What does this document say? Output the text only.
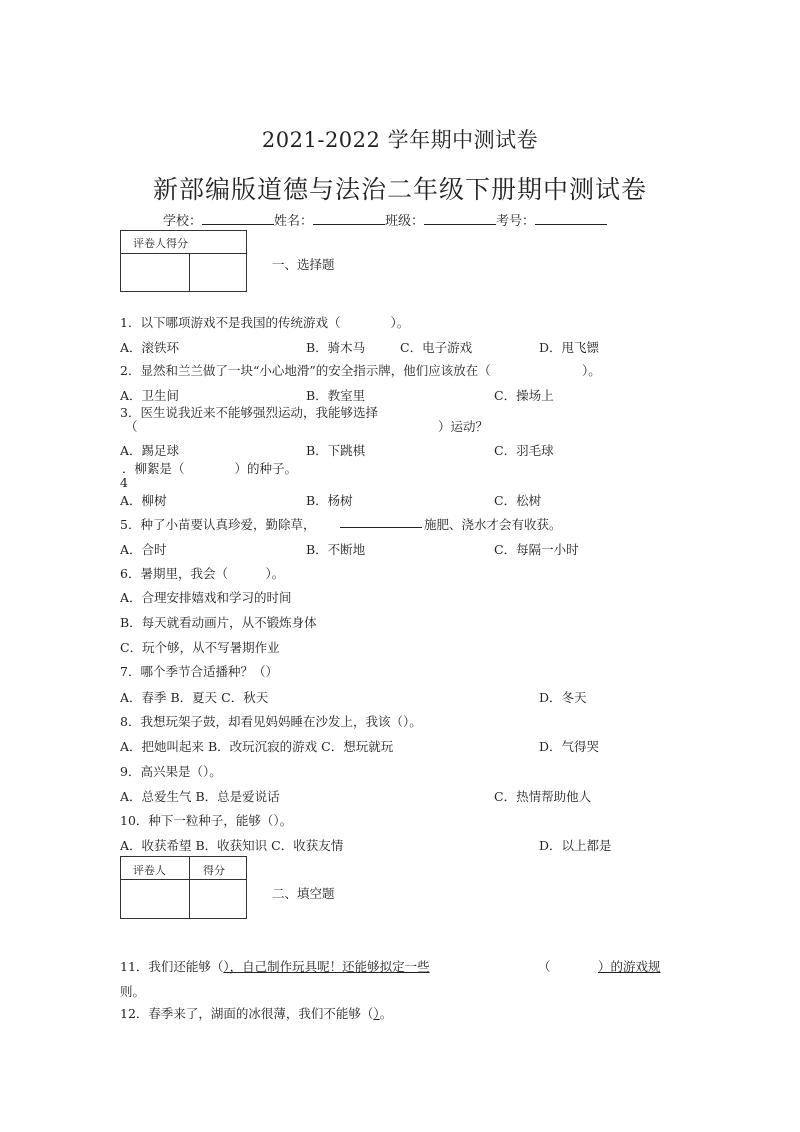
2021-2022 学年期中测试卷
新部编版道德与法治二年级下册期中测试卷
学校：	姓名：	班级：	考号：
评卷人得分
一、选择题
1．以下哪项游戏不是我国的传统游戏（　　　　）。
A．滚铁环	B．骑木马	C．电子游戏	D．甩飞镖
2．显然和兰兰做了一块“小心地滑”的安全指示牌，他们应该放在（	）。
A．卫生间	B．教室里	C．操场上
3．医生说我近来不能够强烈运动，我能够选择
（	）运动？
A．踢足球	B．下跳棋	C．羽毛球
．柳絮是（　　　　）的种子。
4
A．柳树	B．杨树	C．松树
5．种了小苗要认真珍爱，勤除草，	施肥、浇水才会有收获。
A．合时	B．不断地	C．每隔一小时
6．暑期里，我会（　　　）。
A．合理安排嬉戏和学习的时间
B．每天就看动画片，从不锻炼身体
C．玩个够，从不写暑期作业
7．哪个季节合适播种？（）
A．春季 B．夏天 C．秋天	D．冬天
8．我想玩架子鼓，却看见妈妈睡在沙发上，我该（）。
A．把她叫起来 B．改玩沉寂的游戏 C．想玩就玩	D．气得哭
9．高兴果是（）。
A．总爱生气 B．总是爱说话	C．热情帮助他人
10．种下一粒种子，能够（）。
A．收获希望 B．收获知识 C．收获友情	D．以上都是
评卷人	得分
二、填空题
11．我们还能够（），自己制作玩具呢！还能够拟定一些	（	）的游戏规
则。
12．春季来了，湖面的冰很薄，我们不能够（）。
